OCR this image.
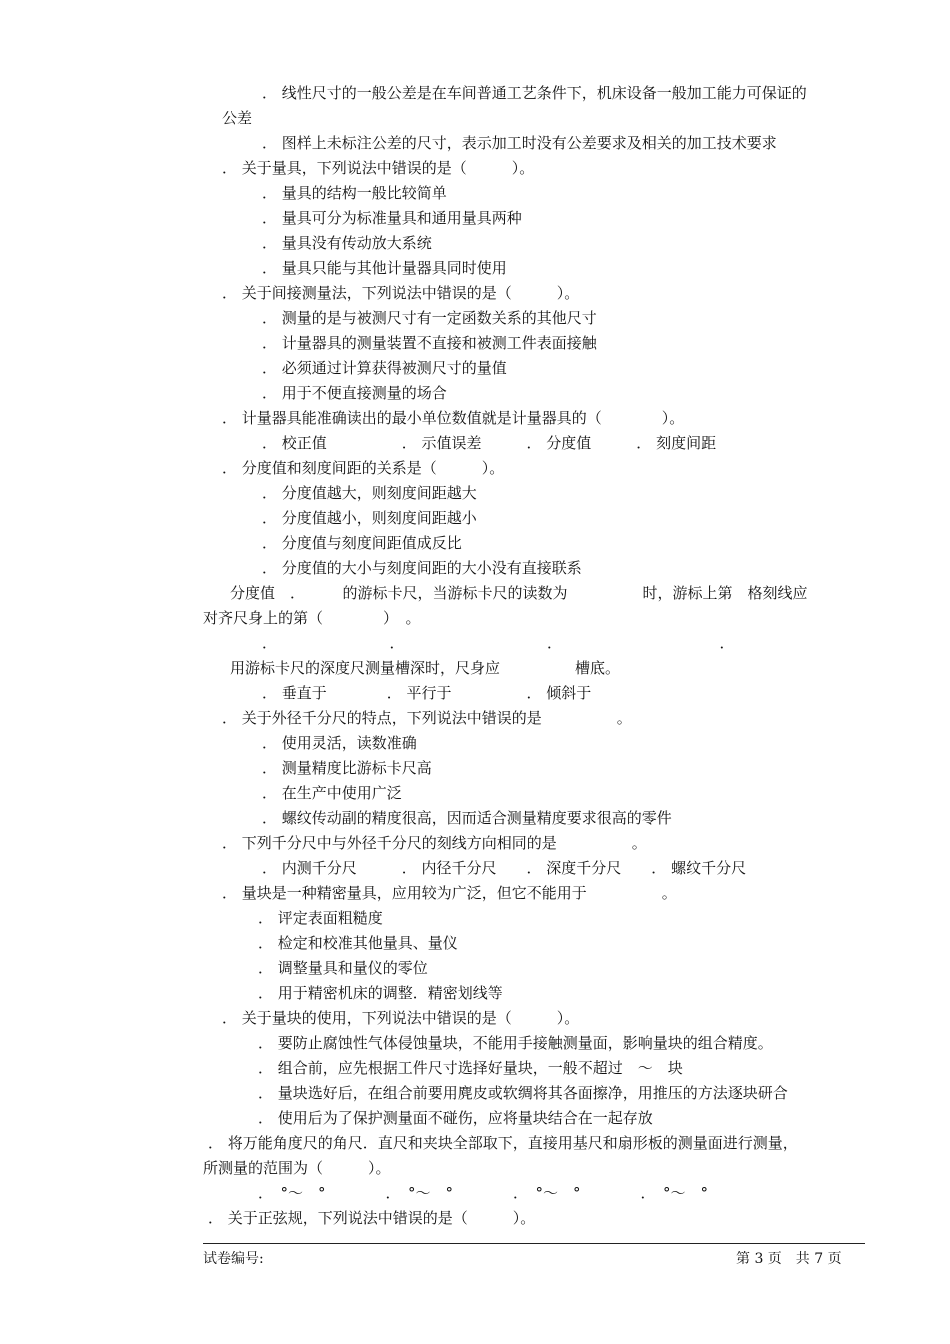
． 线性尺寸的一般公差是在车间普通工艺条件下，机床设备一般加工能力可保证的
公差
． 图样上未标注公差的尺寸，表示加工时没有公差要求及相关的加工技术要求
． 关于量具，下列说法中错误的是（　　　）。
． 量具的结构一般比较简单
． 量具可分为标准量具和通用量具两种
． 量具没有传动放大系统
． 量具只能与其他计量器具同时使用
． 关于间接测量法，下列说法中错误的是（　　　）。
． 测量的是与被测尺寸有一定函数关系的其他尺寸
． 计量器具的测量装置不直接和被测工件表面接触
． 必须通过计算获得被测尺寸的量值
． 用于不便直接测量的场合
． 计量器具能准确读出的最小单位数值就是计量器具的（　　　　）。
． 校正值　　　　　． 示值误差　　　． 分度值　　　． 刻度间距
． 分度值和刻度间距的关系是（　　　）。
． 分度值越大，则刻度间距越大
． 分度值越小，则刻度间距越小
． 分度值与刻度间距值成反比
． 分度值的大小与刻度间距的大小没有直接联系
分度值　．　　　的游标卡尺，当游标卡尺的读数为　　　　　时，游标上第　格刻线应
对齐尺身上的第（　　　　）　。
．　　　　　　　　．　　　　　　　　　　．　　　　　　　　　　　．
用游标卡尺的深度尺测量槽深时，尺身应　　　　　槽底。
． 垂直于　　　　． 平行于　　　　　． 倾斜于
． 关于外径千分尺的特点，下列说法中错误的是　　　　　。
． 使用灵活，读数准确
． 测量精度比游标卡尺高
． 在生产中使用广泛
． 螺纹传动副的精度很高，因而适合测量精度要求很高的零件
． 下列千分尺中与外径千分尺的刻线方向相同的是　　　　　。
． 内测千分尺　　　． 内径千分尺　　． 深度千分尺　　． 螺纹千分尺
． 量块是一种精密量具，应用较为广泛，但它不能用于　　　　　。
． 评定表面粗糙度
． 检定和校准其他量具、量仪
． 调整量具和量仪的零位
． 用于精密机床的调整．精密划线等
． 关于量块的使用，下列说法中错误的是（　　　）。
． 要防止腐蚀性气体侵蚀量块，不能用手接触测量面，影响量块的组合精度。
． 组合前，应先根据工件尺寸选择好量块，一般不超过　～　块
． 量块选好后，在组合前要用麂皮或软绸将其各面擦净，用推压的方法逐块研合
． 使用后为了保护测量面不碰伤，应将量块结合在一起存放
． 将万能角度尺的角尺．直尺和夹块全部取下，直接用基尺和扇形板的测量面进行测量，
所测量的范围为（　　　）。
．　°～　°　　　　．　°～　°　　　　．　°～　°　　　　．　°～　°
． 关于正弦规，下列说法中错误的是（　　　）。
试卷编号:	第 3 页　共 7 页
